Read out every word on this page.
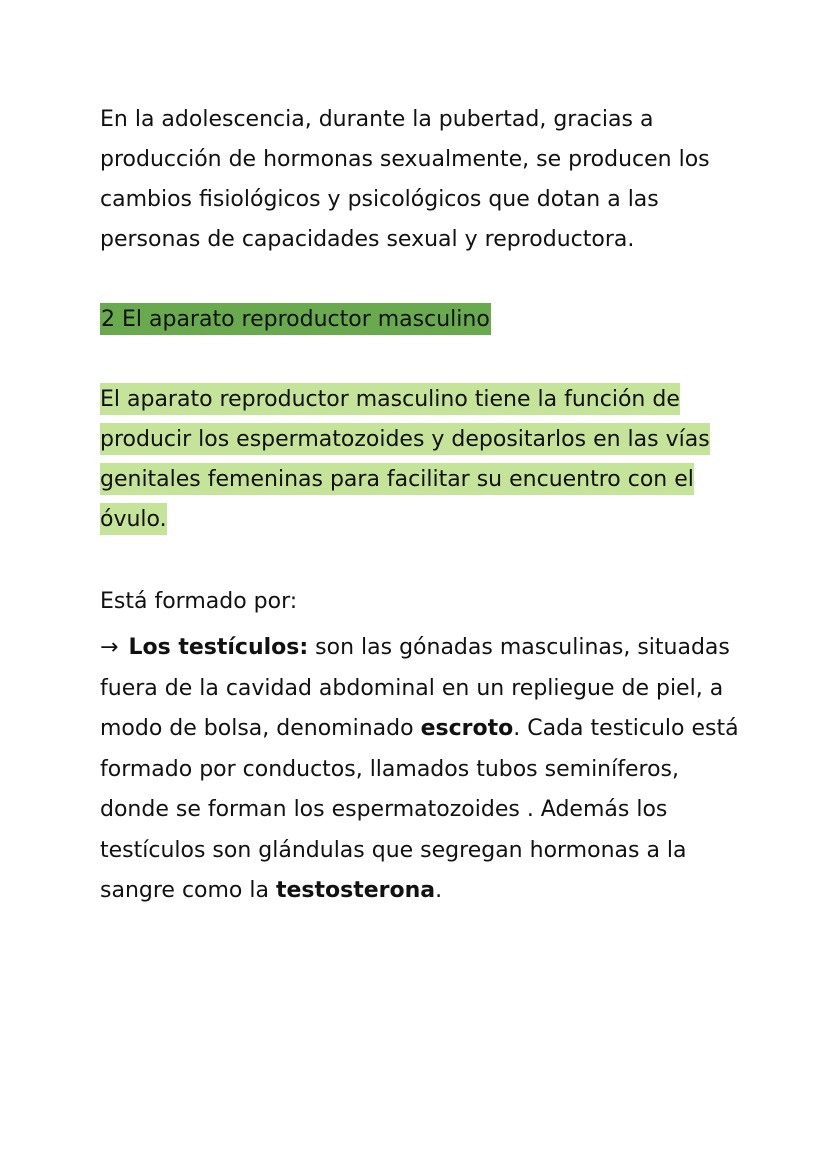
En la adolescencia, durante la pubertad, gracias a producción de hormonas sexualmente, se producen los cambios fisiológicos y psicológicos que dotan a las personas de capacidades sexual y reproductora.

2 El aparato reproductor masculino

El aparato reproductor masculino tiene la función de producir los espermatozoides y depositarlos en las vías genitales femeninas para facilitar su encuentro con el óvulo.

Está formado por:

→ Los testículos: son las gónadas masculinas, situadas fuera de la cavidad abdominal en un repliegue de piel, a modo de bolsa, denominado escroto. Cada testiculo está formado por conductos, llamados tubos seminíferos, donde se forman los espermatozoides . Además los testículos son glándulas que segregan hormonas a la sangre como la testosterona.
